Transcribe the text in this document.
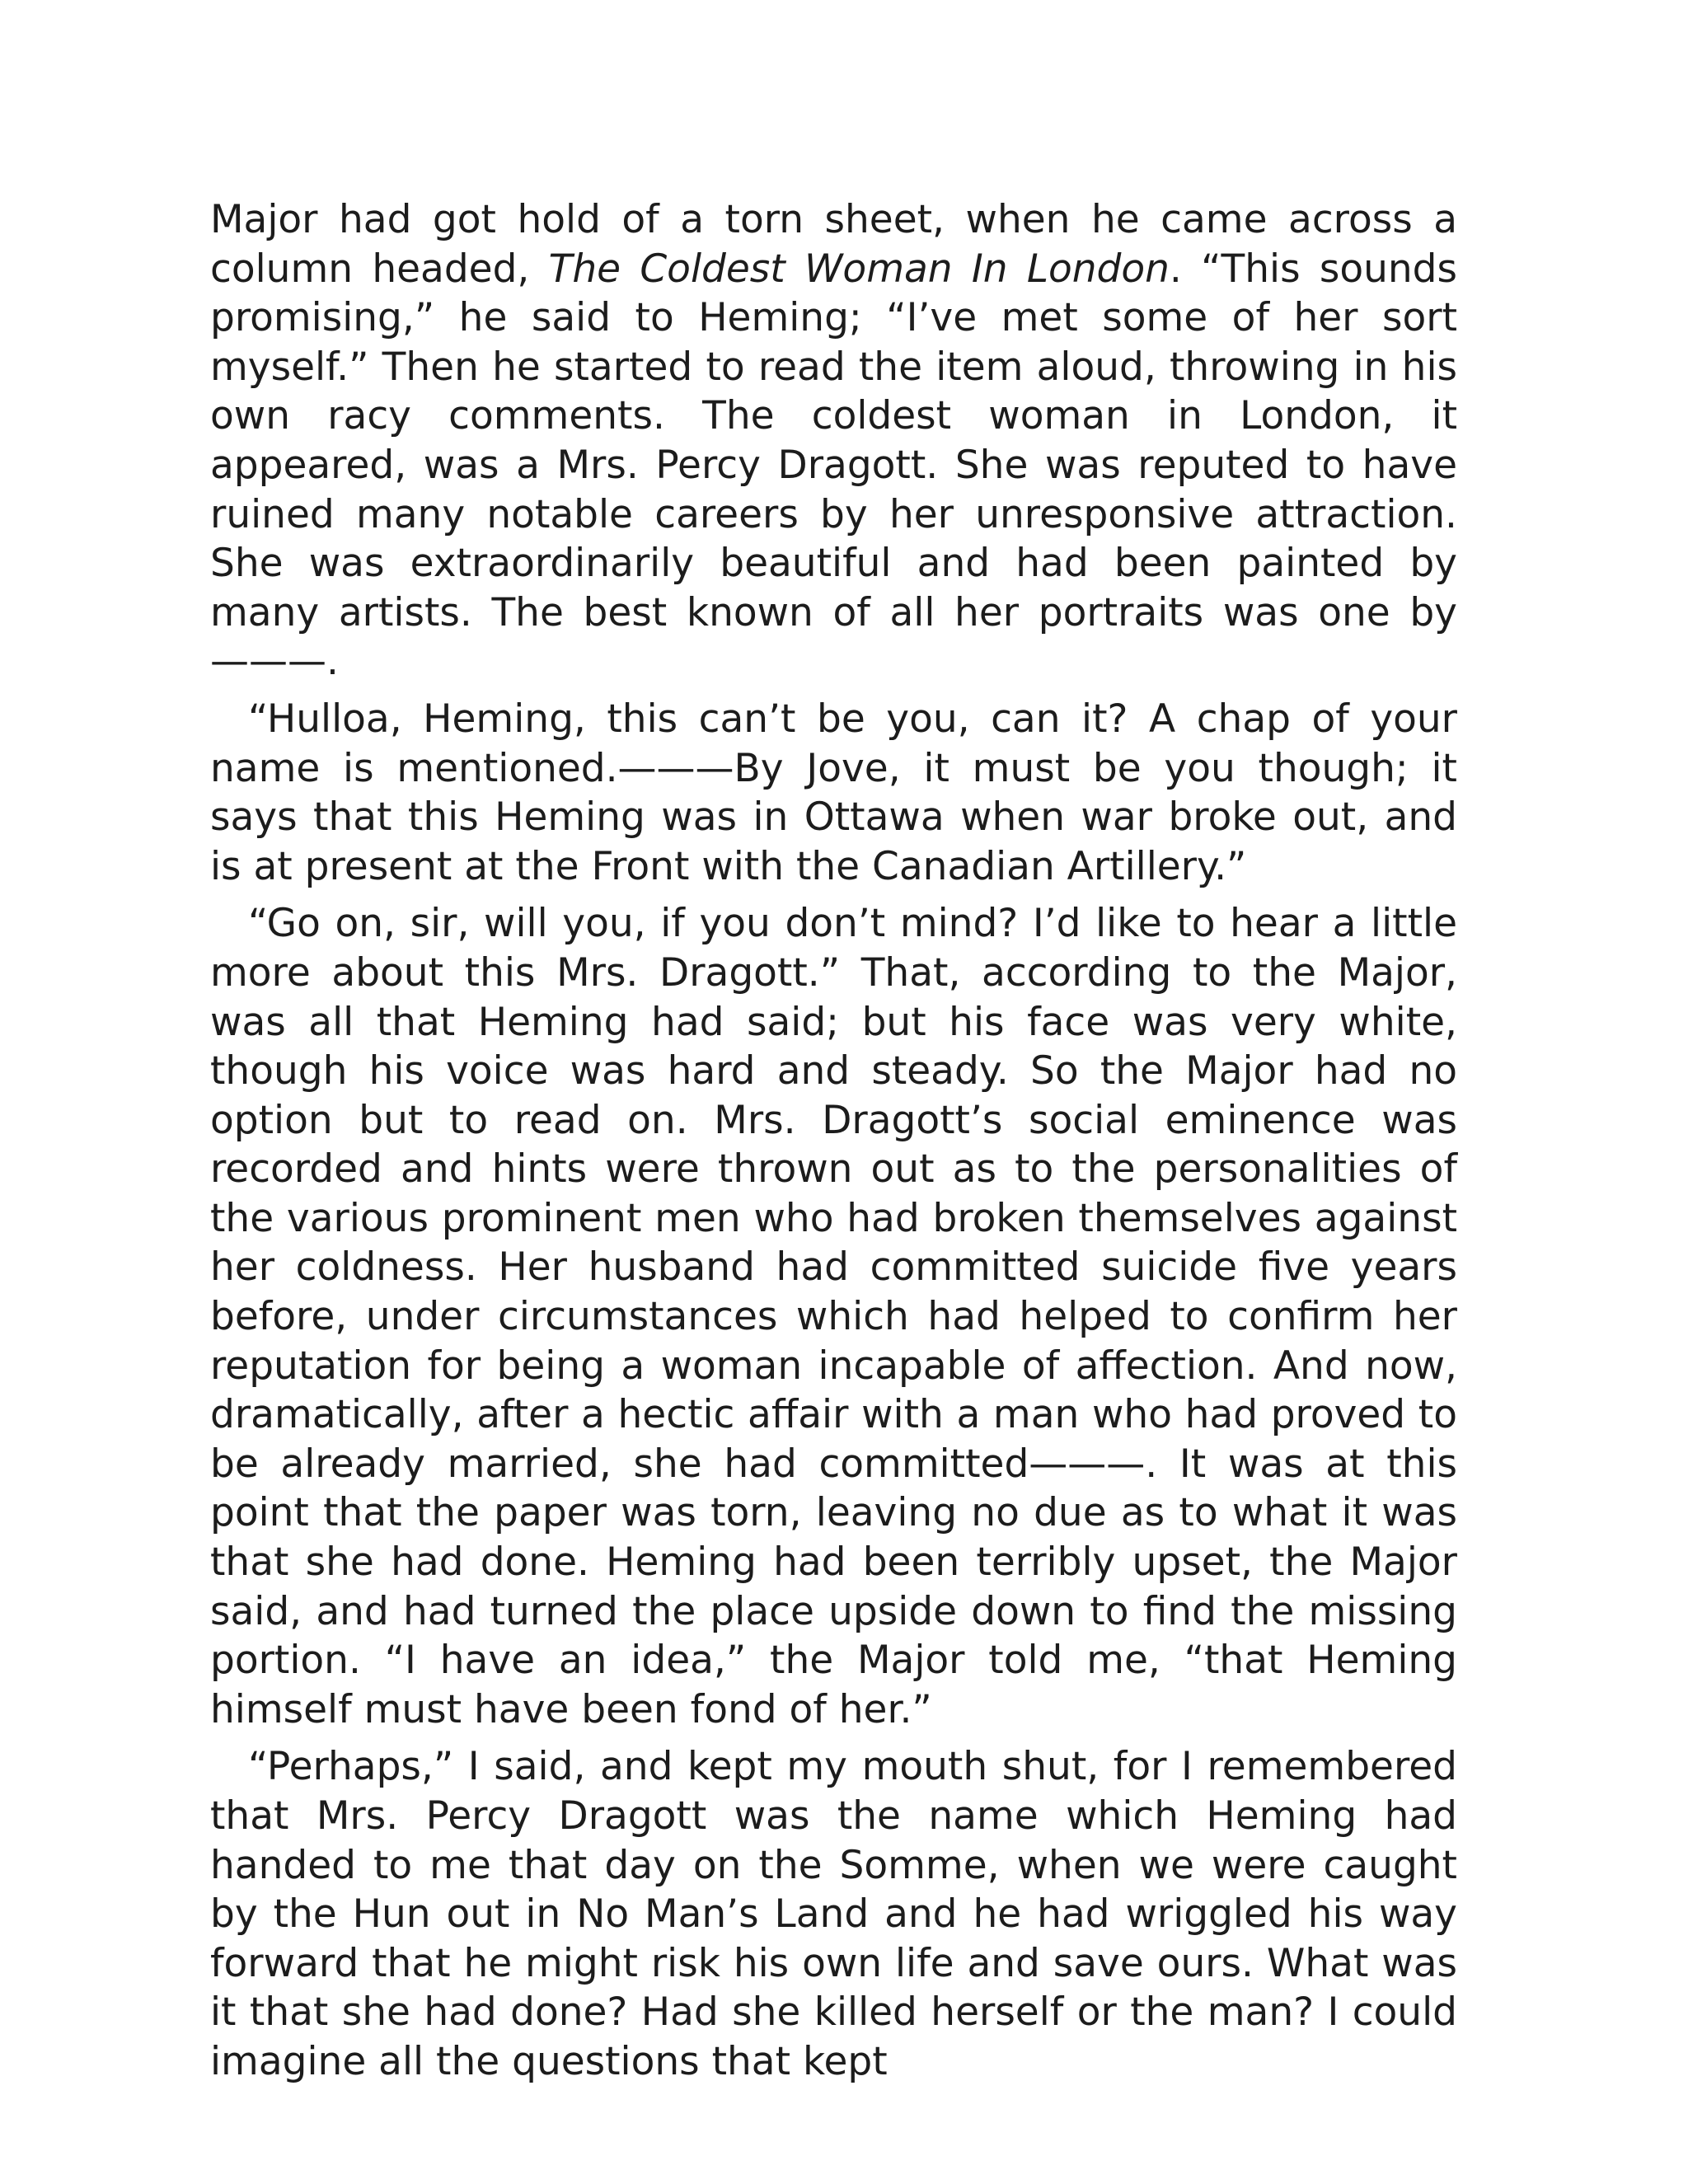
Major had got hold of a torn sheet, when he came across a column headed, The Coldest Woman In London. “This sounds promising,” he said to Heming; “I’ve met some of her sort myself.” Then he started to read the item aloud, throwing in his own racy comments. The coldest woman in London, it appeared, was a Mrs. Percy Dragott. She was reputed to have ruined many notable careers by her unresponsive attraction. She was extraordinarily beautiful and had been painted by many artists. The best known of all her portraits was one by———.

“Hulloa, Heming, this can’t be you, can it? A chap of your name is mentioned.———By Jove, it must be you though; it says that this Heming was in Ottawa when war broke out, and is at present at the Front with the Canadian Artillery.”

“Go on, sir, will you, if you don’t mind? I’d like to hear a little more about this Mrs. Dragott.” That, according to the Major, was all that Heming had said; but his face was very white, though his voice was hard and steady. So the Major had no option but to read on. Mrs. Dragott’s social eminence was recorded and hints were thrown out as to the personalities of the various prominent men who had broken themselves against her coldness. Her husband had committed suicide five years before, under circumstances which had helped to confirm her reputation for being a woman incapable of affection. And now, dramatically, after a hectic affair with a man who had proved to be already married, she had committed———. It was at this point that the paper was torn, leaving no due as to what it was that she had done. Heming had been terribly upset, the Major said, and had turned the place upside down to find the missing portion. “I have an idea,” the Major told me, “that Heming himself must have been fond of her.”

“Perhaps,” I said, and kept my mouth shut, for I remembered that Mrs. Percy Dragott was the name which Heming had handed to me that day on the Somme, when we were caught by the Hun out in No Man’s Land and he had wriggled his way forward that he might risk his own life and save ours. What was it that she had done? Had she killed herself or the man? I could imagine all the questions that kept
